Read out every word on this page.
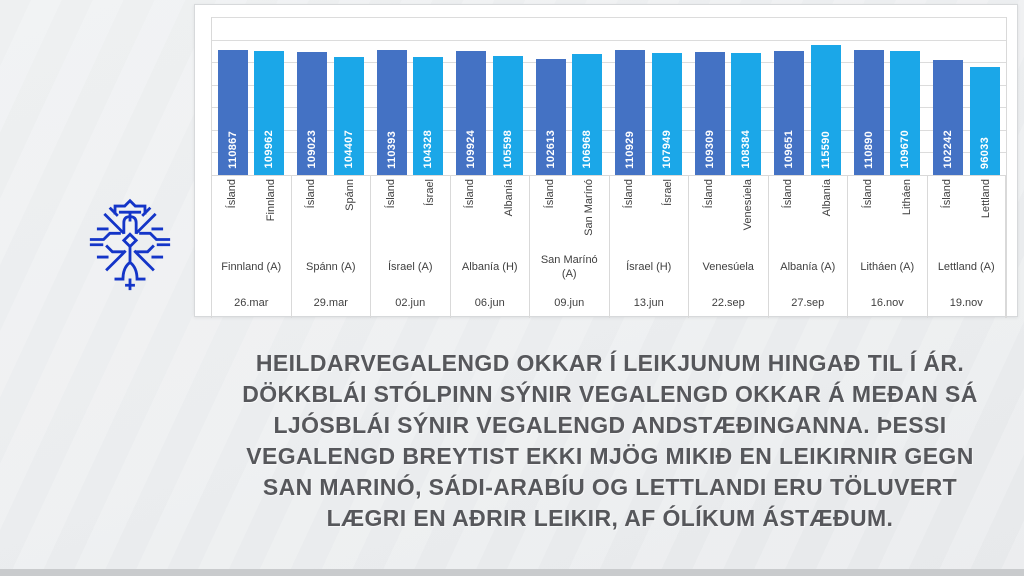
110867 109962
Ísland Finnland
Finnland (A)
26.mar
109023 104407
Ísland Spánn
Spánn (A)
29.mar
110393 104328
Ísland Ísrael
Ísrael (A)
02.jun
109924 105598
Ísland Albanía
Albanía (H)
06.jun
102613 106968
Ísland San Marínó
San Marínó (A)
09.jun
110929 107949
Ísland Ísrael
Ísrael (H)
13.jun
109309 108384
Ísland Venesúela
Venesúela
22.sep
109651 115590
Ísland Albanía
Albanía (A)
27.sep
110890 109670
Ísland Litháen
Litháen (A)
16.nov
102242 96033
Ísland Lettland
Lettland (A)
19.nov
HEILDARVEGALENGD OKKAR Í LEIKJUNUM HINGAÐ TIL Í ÁR.
DÖKKBLÁI STÓLPINN SÝNIR VEGALENGD OKKAR Á MEÐAN SÁ
LJÓSBLÁI SÝNIR VEGALENGD ANDSTÆÐINGANNA. ÞESSI
VEGALENGD BREYTIST EKKI MJÖG MIKIÐ EN LEIKIRNIR GEGN
SAN MARINÓ, SÁDI-ARABÍU OG LETTLANDI ERU TÖLUVERT
LÆGRI EN AÐRIR LEIKIR, AF ÓLÍKUM ÁSTÆÐUM.
